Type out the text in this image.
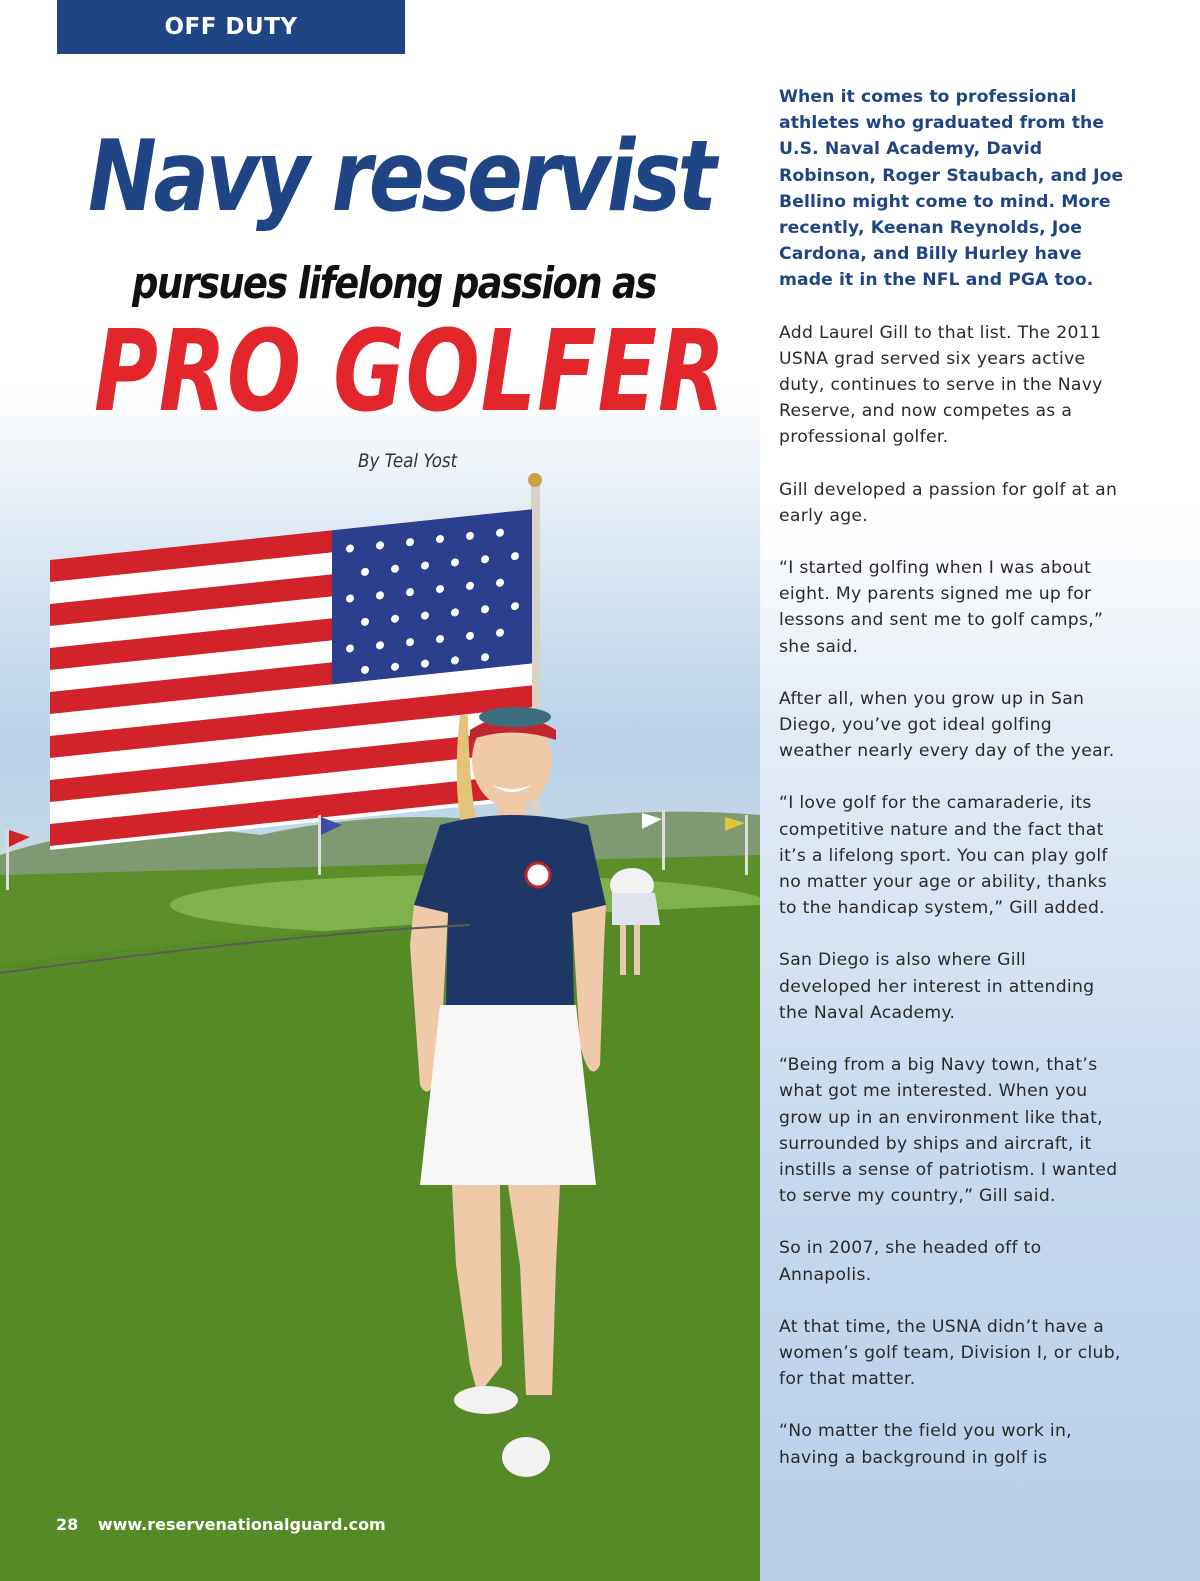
OFF DUTY
Navy reservist
pursues lifelong passion as
PRO GOLFER
By Teal Yost

When it comes to professional athletes who graduated from the U.S. Naval Academy, David Robinson, Roger Staubach, and Joe Bellino might come to mind. More recently, Keenan Reynolds, Joe Cardona, and Billy Hurley have made it in the NFL and PGA too.

Add Laurel Gill to that list. The 2011 USNA grad served six years active duty, continues to serve in the Navy Reserve, and now competes as a professional golfer.

Gill developed a passion for golf at an early age.

“I started golfing when I was about eight. My parents signed me up for lessons and sent me to golf camps,” she said.

After all, when you grow up in San Diego, you’ve got ideal golfing weather nearly every day of the year.

“I love golf for the camaraderie, its competitive nature and the fact that it’s a lifelong sport. You can play golf no matter your age or ability, thanks to the handicap system,” Gill added.

San Diego is also where Gill developed her interest in attending the Naval Academy.

“Being from a big Navy town, that’s what got me interested. When you grow up in an environment like that, surrounded by ships and aircraft, it instills a sense of patriotism. I wanted to serve my country,” Gill said.

So in 2007, she headed off to Annapolis.

At that time, the USNA didn’t have a women’s golf team, Division I, or club, for that matter.

“No matter the field you work in, having a background in golf is

28 www.reservenationalguard.com
